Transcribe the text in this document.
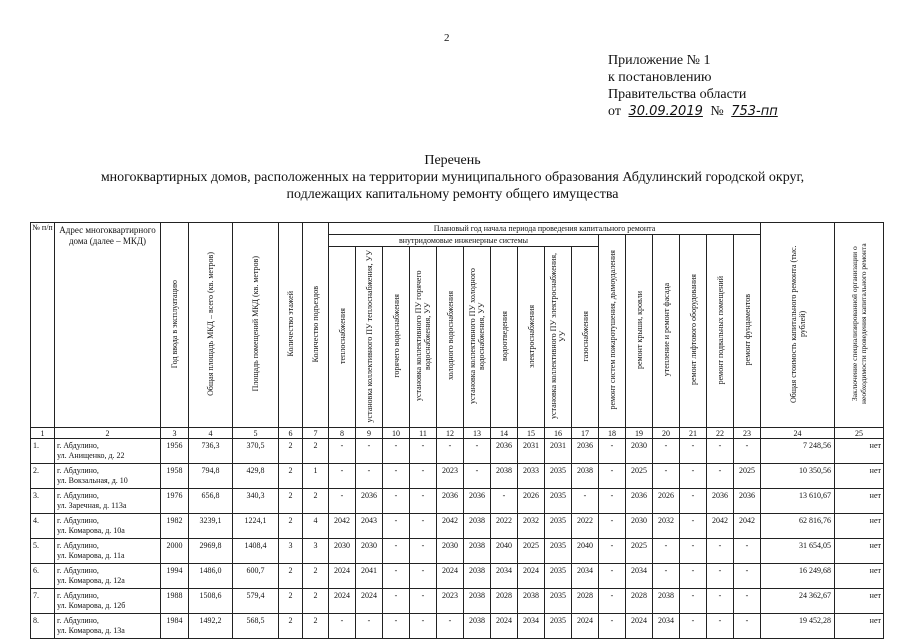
2
Приложение № 1
к постановлению
Правительства области
от 30.09.2019 № 753-пп
Перечень
многоквартирных домов, расположенных на территории муниципального образования Абдулинский городской округ,
подлежащих капитальному ремонту общего имущества
№ п/п	Адрес многоквартирного дома (далее – МКД)	Год ввода в эксплуатацию	Общая площадь МКД – всего (кв. метров)	Площадь помещений МКД (кв. метров)	Количество этажей	Количество подъездов	Плановый год начала периода проведения капитального ремонта																Общая стоимость капитального ремонта (тыс. рублей)	Заключение специализированной организации о необходимости проведения капитального ремонта
							внутридомовые инженерные системы										ремонт систем пожаротушения, дымоудаления	ремонт крыши, кровли	утепление и ремонт фасада	ремонт лифтового оборудования	ремонт подвальных помещений	ремонт фундаментов		
							теплоснабжения	установка коллективного ПУ теплоснабжения, УУ	горячего водоснабжения	установка коллективного ПУ горячего водоснабжения, УУ	холодного водоснабжения	установка коллективного ПУ холодного водоснабжения, УУ	водоотведения	электроснабжения	установка коллективного ПУ электроснабжения, УУ	газоснабжения								
1	2	3	4	5	6	7	8	9	10	11	12	13	14	15	16	17	18	19	20	21	22	23	24	25
1.	г. Абдулино,
ул. Анищенко, д. 22	1956	736,3	370,5	2	2	-	-	-	-	-	-	2036	2031	2031	2036	-	2030	-	-	-	-	7 248,56	нет
2.	г. Абдулино,
ул. Вокзальная, д. 10	1958	794,8	429,8	2	1	-	-	-	-	2023	-	2038	2033	2035	2038	-	2025	-	-	-	2025	10 350,56	нет
3.	г. Абдулино,
ул. Заречная, д. 113а	1976	656,8	340,3	2	2	-	2036	-	-	2036	2036	-	2026	2035	-	-	2036	2026	-	2036	2036	13 610,67	нет
4.	г. Абдулино,
ул. Комарова, д. 10а	1982	3239,1	1224,1	2	4	2042	2043	-	-	2042	2038	2022	2032	2035	2022	-	2030	2032	-	2042	2042	62 816,76	нет
5.	г. Абдулино,
ул. Комарова, д. 11а	2000	2969,8	1408,4	3	3	2030	2030	-	-	2030	2038	2040	2025	2035	2040	-	2025	-	-	-	-	31 654,05	нет
6.	г. Абдулино,
ул. Комарова, д. 12а	1994	1486,0	600,7	2	2	2024	2041	-	-	2024	2038	2034	2024	2035	2034	-	2034	-	-	-	-	16 249,68	нет
7.	г. Абдулино,
ул. Комарова, д. 12б	1988	1508,6	579,4	2	2	2024	2024	-	-	2023	2038	2028	2038	2035	2028	-	2028	2038	-	-	-	24 362,67	нет
8.	г. Абдулино,
ул. Комарова, д. 13а	1984	1492,2	568,5	2	2	-	-	-	-	-	2038	2024	2034	2035	2024	-	2024	2034	-	-	-	19 452,28	нет
